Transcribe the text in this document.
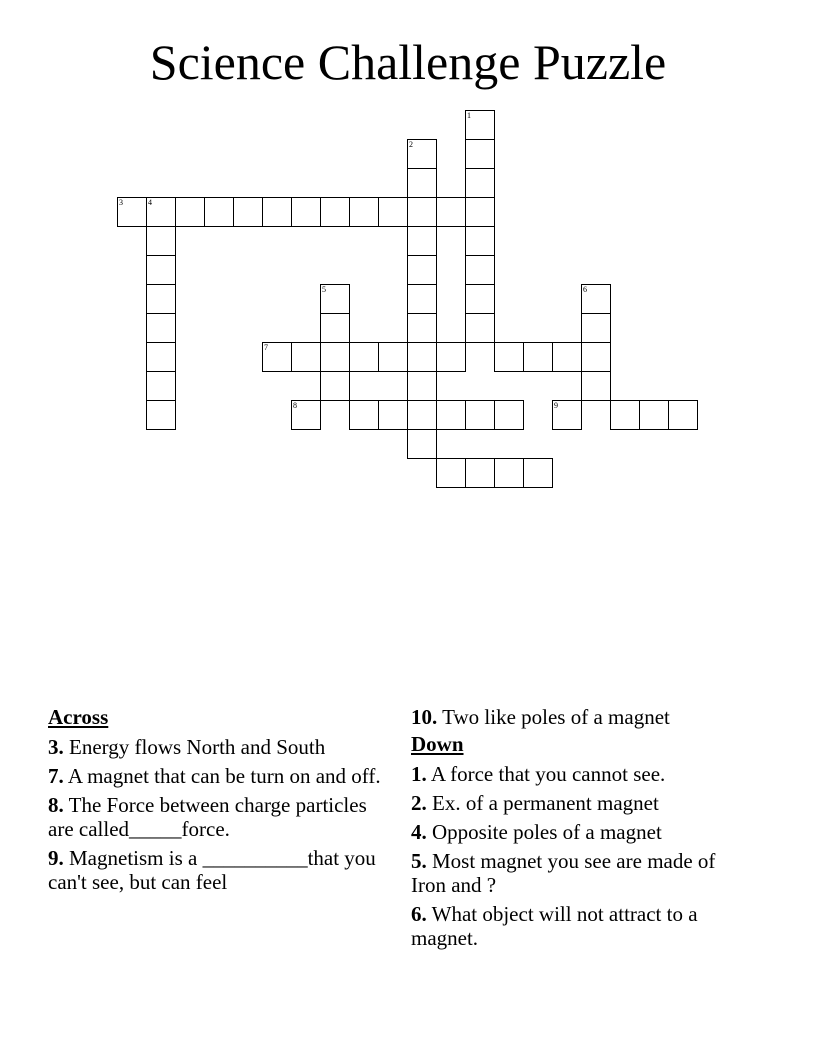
Science Challenge Puzzle
3	4
1
2
5	6
7
8	9
Across
3. Energy flows North and South
7. A magnet that can be turn on and off.
8. The Force between charge particles are called_____force.
9. Magnetism is a __________that you can't see, but can feel
10. Two like poles of a magnet
Down
1. A force that you cannot see.
2. Ex. of a permanent magnet
4. Opposite poles of a magnet
5. Most magnet you see are made of Iron and ?
6. What object will not attract to a magnet.
